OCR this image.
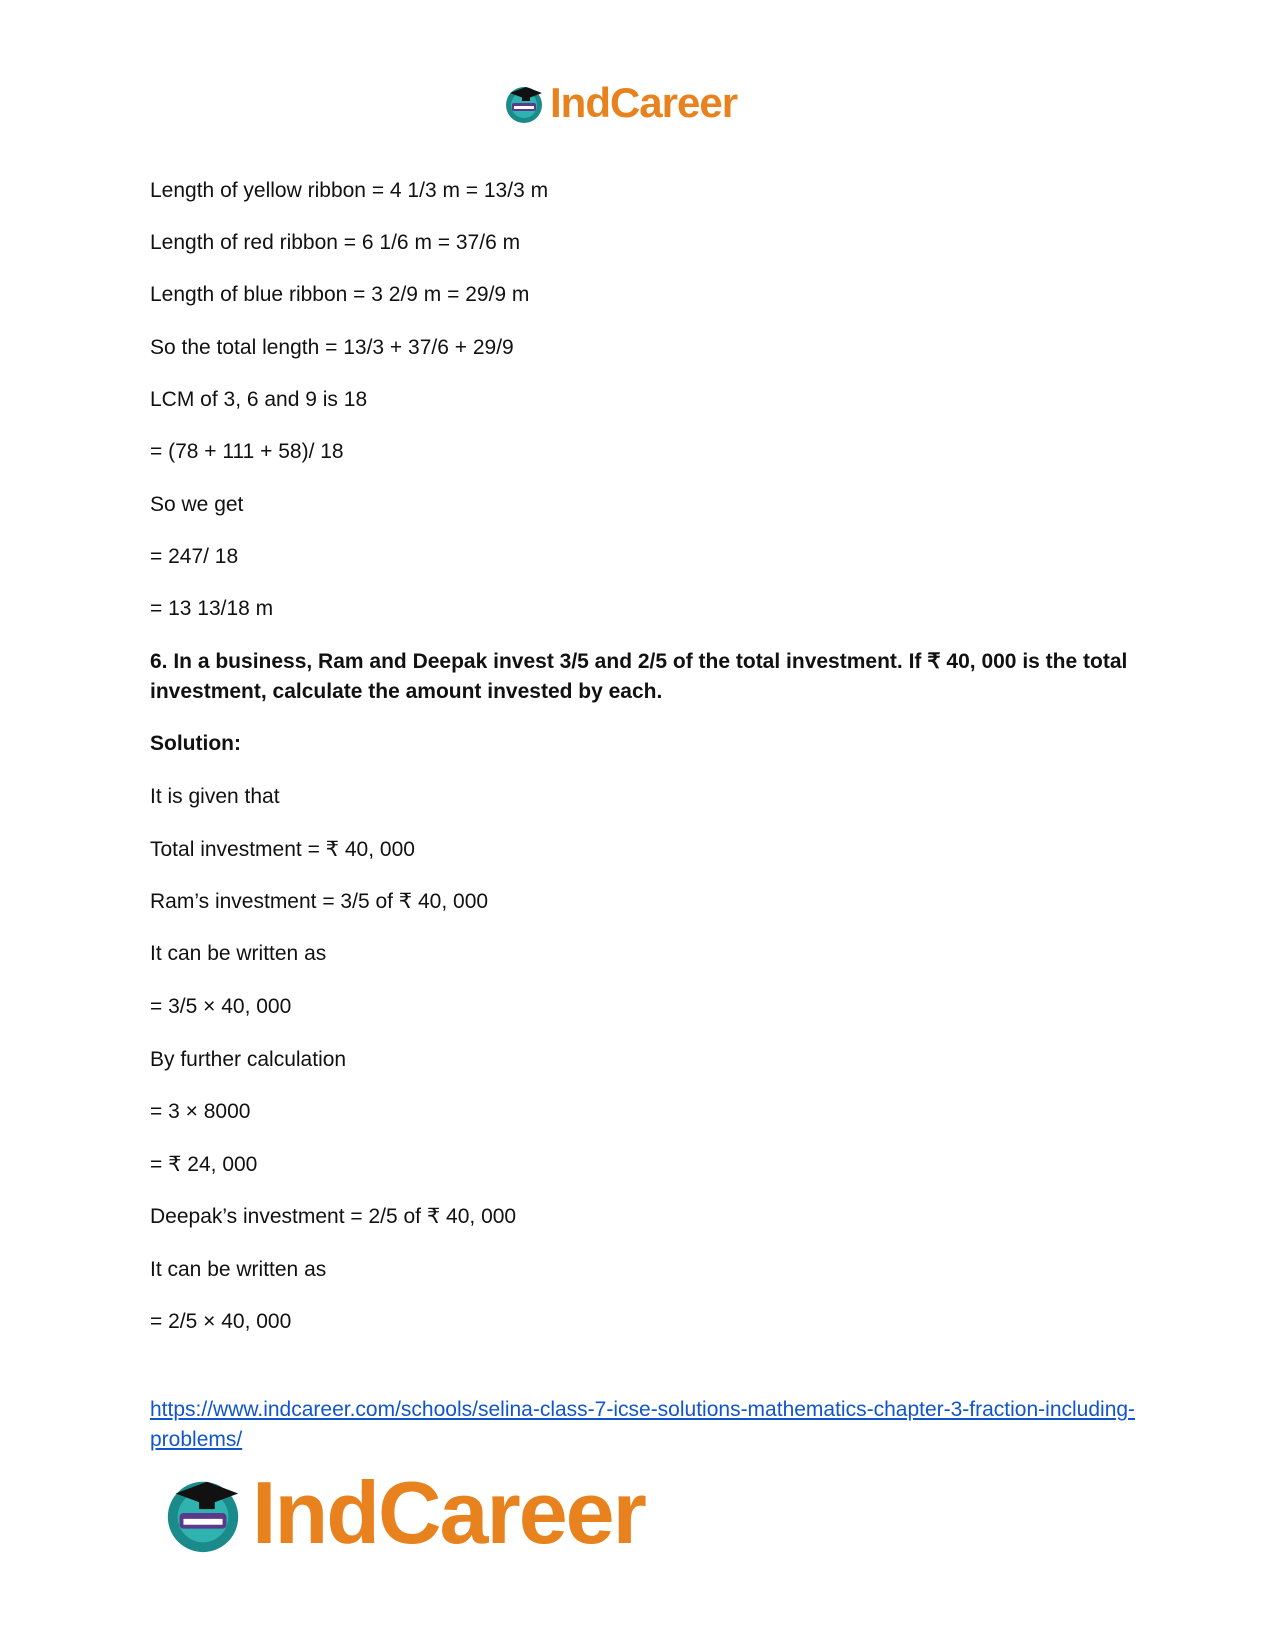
IndCareer

Length of yellow ribbon = 4 1/3 m = 13/3 m

Length of red ribbon = 6 1/6 m = 37/6 m

Length of blue ribbon = 3 2/9 m = 29/9 m

So the total length = 13/3 + 37/6 + 29/9

LCM of 3, 6 and 9 is 18

= (78 + 111 + 58)/ 18

So we get

= 247/ 18

= 13 13/18 m

6. In a business, Ram and Deepak invest 3/5 and 2/5 of the total investment. If ₹ 40, 000 is the total investment, calculate the amount invested by each.

Solution:

It is given that

Total investment = ₹ 40, 000

Ram’s investment = 3/5 of ₹ 40, 000

It can be written as

= 3/5 × 40, 000

By further calculation

= 3 × 8000

= ₹ 24, 000

Deepak’s investment = 2/5 of ₹ 40, 000

It can be written as

= 2/5 × 40, 000

https://www.indcareer.com/schools/selina-class-7-icse-solutions-mathematics-chapter-3-fraction-including-problems/
IndCareer
